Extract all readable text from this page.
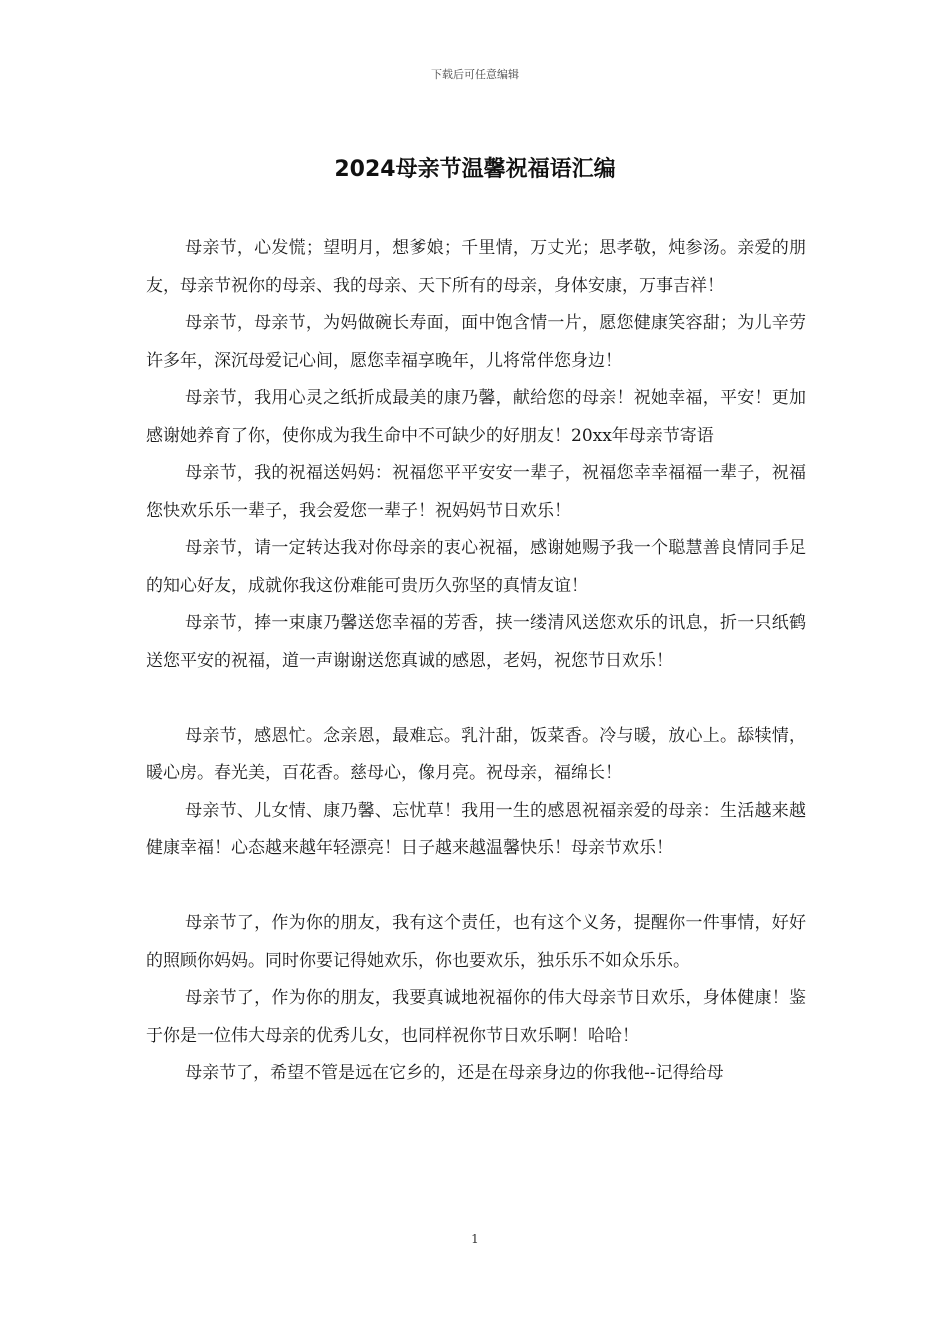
下载后可任意编辑
2024母亲节温馨祝福语汇编

母亲节，心发慌；望明月，想爹娘；千里情，万丈光；思孝敬，炖参汤。亲爱的朋友，母亲节祝你的母亲、我的母亲、天下所有的母亲，身体安康，万事吉祥！

母亲节，母亲节，为妈做碗长寿面，面中饱含情一片，愿您健康笑容甜；为儿辛劳许多年，深沉母爱记心间，愿您幸福享晚年，儿将常伴您身边！

母亲节，我用心灵之纸折成最美的康乃馨，献给您的母亲！祝她幸福，平安！更加感谢她养育了你，使你成为我生命中不可缺少的好朋友！20xx年母亲节寄语

母亲节，我的祝福送妈妈：祝福您平平安安一辈子，祝福您幸幸福福一辈子，祝福您快欢乐乐一辈子，我会爱您一辈子！祝妈妈节日欢乐！

母亲节，请一定转达我对你母亲的衷心祝福，感谢她赐予我一个聪慧善良情同手足的知心好友，成就你我这份难能可贵历久弥坚的真情友谊！

母亲节，捧一束康乃馨送您幸福的芳香，挟一缕清风送您欢乐的讯息，折一只纸鹤送您平安的祝福，道一声谢谢送您真诚的感恩，老妈，祝您节日欢乐！

母亲节，感恩忙。念亲恩，最难忘。乳汁甜，饭菜香。冷与暖，放心上。舔犊情，暖心房。春光美，百花香。慈母心，像月亮。祝母亲，福绵长！

母亲节、儿女情、康乃馨、忘忧草！我用一生的感恩祝福亲爱的母亲：生活越来越健康幸福！心态越来越年轻漂亮！日子越来越温馨快乐！母亲节欢乐！

母亲节了，作为你的朋友，我有这个责任，也有这个义务，提醒你一件事情，好好的照顾你妈妈。同时你要记得她欢乐，你也要欢乐，独乐乐不如众乐乐。

母亲节了，作为你的朋友，我要真诚地祝福你的伟大母亲节日欢乐，身体健康！鉴于你是一位伟大母亲的优秀儿女，也同样祝你节日欢乐啊！哈哈！

母亲节了，希望不管是远在它乡的，还是在母亲身边的你我他--记得给母

1
